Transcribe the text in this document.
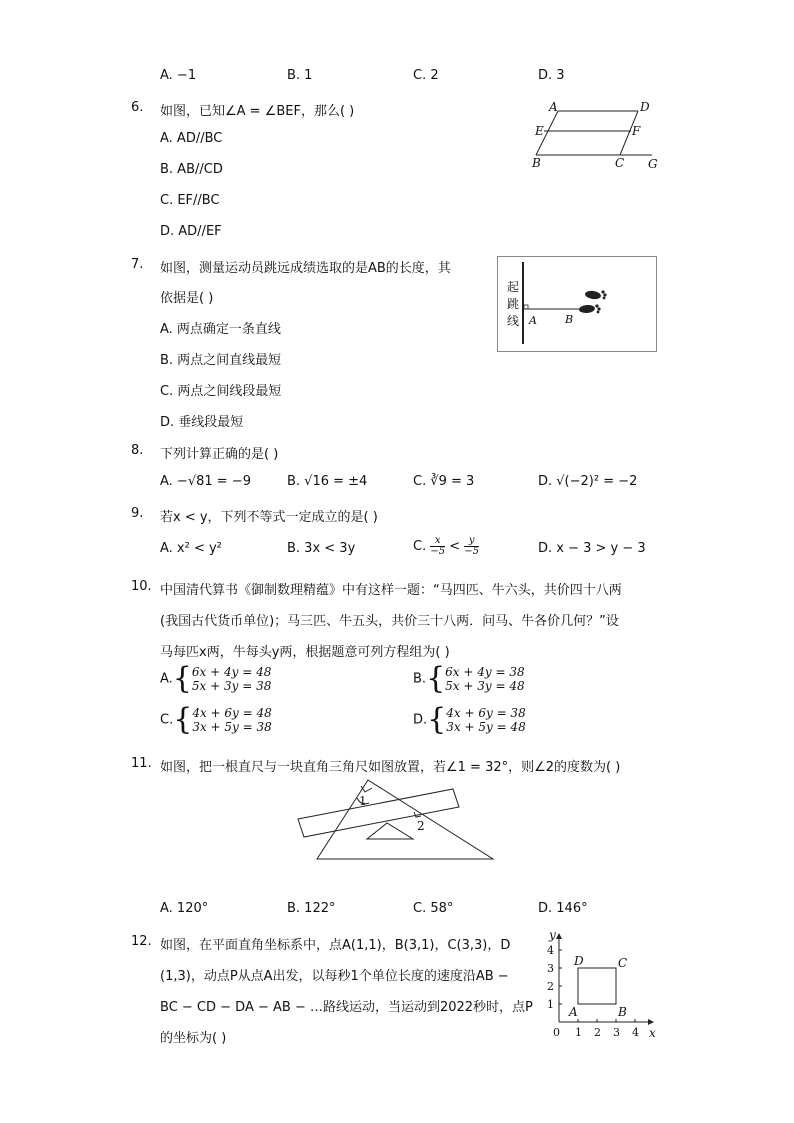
A. −1	B. 1	C. 2	D. 3
6. 如图，已知∠A = ∠BEF，那么( )
A. AD//BC
B. AB//CD
C. EF//BC
D. AD//EF
A	D
E	F
B	C G
7. 如图，测量运动员跳远成绩选取的是AB的长度，其
依据是( )
A. 两点确定一条直线
B. 两点之间直线最短
C. 两点之间线段最短
D. 垂线段最短
起
跳
线 A	B
8. 下列计算正确的是( )
A. −√81 = −9	B. √16 = ±4	C. ∛9 = 3	D. √(−2)² = −2
9. 若x < y，下列不等式一定成立的是( )
A. x² < y²	B. 3x < 3y	C. $\frac{x}{-5} < \frac{y}{-5}$	D. x − 3 > y − 3
10. 中国清代算书《御制数理精蕴》中有这样一题：“马四匹、牛六头，共价四十八两
(我国古代货币单位)；马三匹、牛五头，共价三十八两．问马、牛各价几何？”设
马每匹x两，牛每头y两，根据题意可列方程组为( )
A.{ 6x + 4y = 48
5x + 3y = 38	B.{ 6x + 4y = 38
5x + 3y = 48
C.{ 4x + 6y = 48
3x + 5y = 38	D.{ 4x + 6y = 38
3x + 5y = 48
11. 如图，把一根直尺与一块直角三角尺如图放置，若∠1 = 32°，则∠2的度数为( )
1
2
A. 120°	B. 122°	C. 58°	D. 146°
12. 如图，在平面直角坐标系中，点A(1,1)，B(3,1)，C(3,3)，D
(1,3)，动点P从点A出发，以每秒1个单位长度的速度沿AB −
BC − CD − DA − AB − …路线运动，当运动到2022秒时，点P
的坐标为( )	0 1 2 3 4
1
2
3
4
x
y
A	B
C
D
